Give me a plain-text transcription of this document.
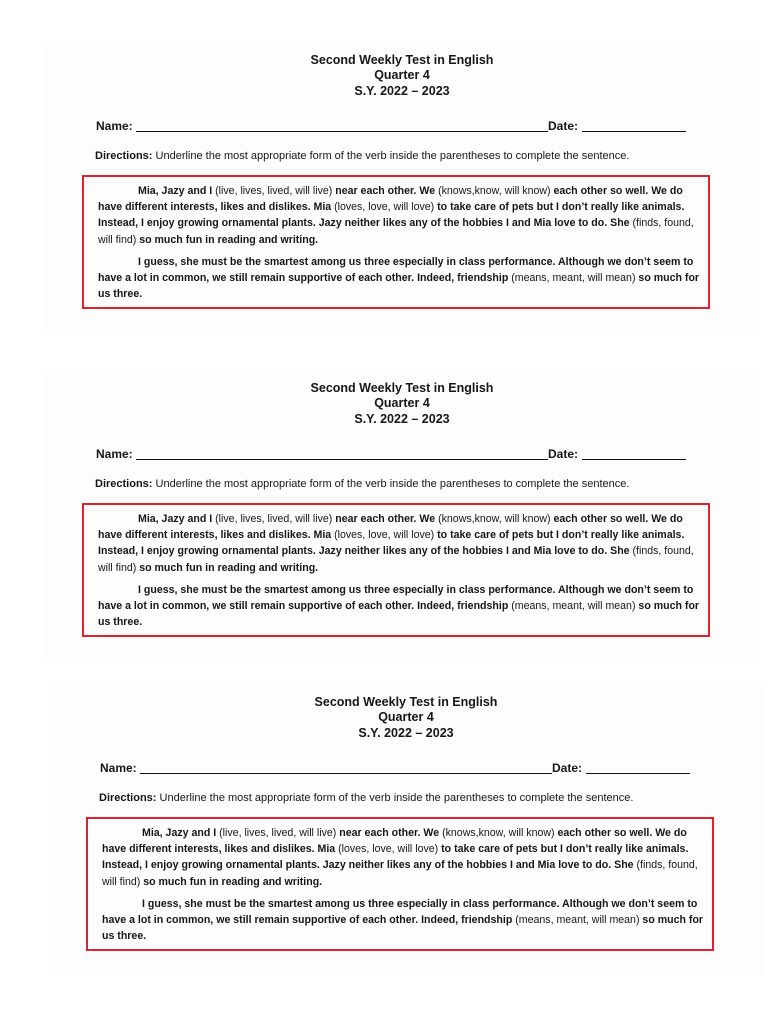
Second Weekly Test in English
Quarter 4
S.Y. 2022 – 2023
Name:	Date:
Directions: Underline the most appropriate form of the verb inside the parentheses to complete the sentence.

Mia, Jazy and I (live, lives, lived, will live) near each other. We (knows,know, will know) each other so well. We do have different interests, likes and dislikes. Mia (loves, love, will love) to take care of pets but I don’t really like animals. Instead, I enjoy growing ornamental plants. Jazy neither likes any of the hobbies I and Mia love to do. She (finds, found, will find) so much fun in reading and writing.

I guess, she must be the smartest among us three especially in class performance. Although we don’t seem to have a lot in common, we still remain supportive of each other. Indeed, friendship (means, meant, will mean) so much for us three.

Second Weekly Test in English
Quarter 4
S.Y. 2022 – 2023
Name:	Date:
Directions: Underline the most appropriate form of the verb inside the parentheses to complete the sentence.

Mia, Jazy and I (live, lives, lived, will live) near each other. We (knows,know, will know) each other so well. We do have different interests, likes and dislikes. Mia (loves, love, will love) to take care of pets but I don’t really like animals. Instead, I enjoy growing ornamental plants. Jazy neither likes any of the hobbies I and Mia love to do. She (finds, found, will find) so much fun in reading and writing.

I guess, she must be the smartest among us three especially in class performance. Although we don’t seem to have a lot in common, we still remain supportive of each other. Indeed, friendship (means, meant, will mean) so much for us three.

Second Weekly Test in English
Quarter 4
S.Y. 2022 – 2023
Name:	Date:
Directions: Underline the most appropriate form of the verb inside the parentheses to complete the sentence.

Mia, Jazy and I (live, lives, lived, will live) near each other. We (knows,know, will know) each other so well. We do have different interests, likes and dislikes. Mia (loves, love, will love) to take care of pets but I don’t really like animals. Instead, I enjoy growing ornamental plants. Jazy neither likes any of the hobbies I and Mia love to do. She (finds, found, will find) so much fun in reading and writing.

I guess, she must be the smartest among us three especially in class performance. Although we don’t seem to have a lot in common, we still remain supportive of each other. Indeed, friendship (means, meant, will mean) so much for us three.
